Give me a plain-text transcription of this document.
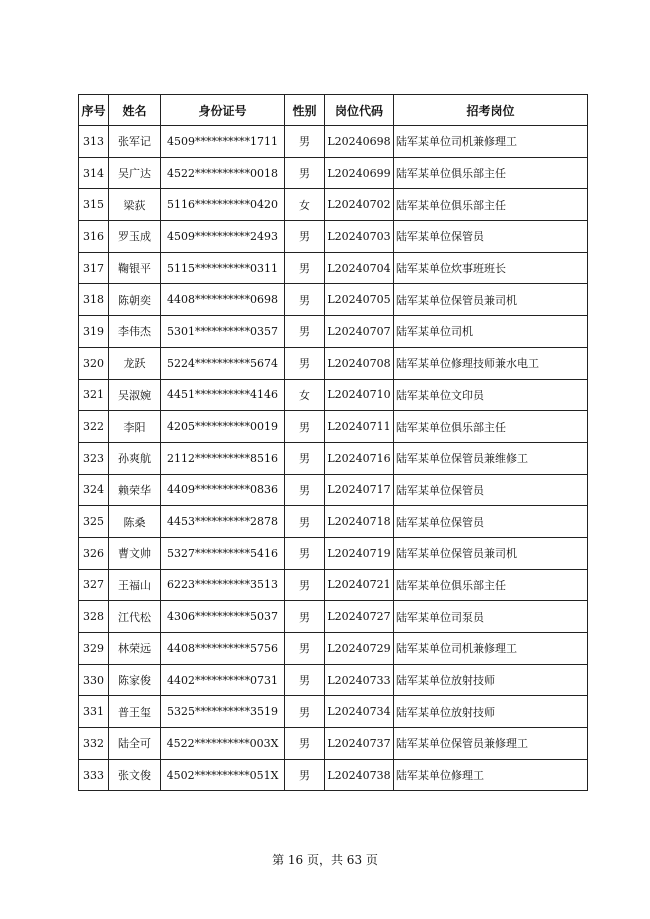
序号	姓名	身份证号	性别	岗位代码	招考岗位
313	张军记	4509**********1711	男	L20240698	陆军某单位司机兼修理工
314	吴广达	4522**********0018	男	L20240699	陆军某单位俱乐部主任
315	梁荻	5116**********0420	女	L20240702	陆军某单位俱乐部主任
316	罗玉成	4509**********2493	男	L20240703	陆军某单位保管员
317	鞠银平	5115**********0311	男	L20240704	陆军某单位炊事班班长
318	陈朝奕	4408**********0698	男	L20240705	陆军某单位保管员兼司机
319	李伟杰	5301**********0357	男	L20240707	陆军某单位司机
320	龙跃	5224**********5674	男	L20240708	陆军某单位修理技师兼水电工
321	吴淑婉	4451**********4146	女	L20240710	陆军某单位文印员
322	李阳	4205**********0019	男	L20240711	陆军某单位俱乐部主任
323	孙爽航	2112**********8516	男	L20240716	陆军某单位保管员兼维修工
324	赖荣华	4409**********0836	男	L20240717	陆军某单位保管员
325	陈桑	4453**********2878	男	L20240718	陆军某单位保管员
326	曹文帅	5327**********5416	男	L20240719	陆军某单位保管员兼司机
327	王福山	6223**********3513	男	L20240721	陆军某单位俱乐部主任
328	江代松	4306**********5037	男	L20240727	陆军某单位司泵员
329	林荣远	4408**********5756	男	L20240729	陆军某单位司机兼修理工
330	陈家俊	4402**********0731	男	L20240733	陆军某单位放射技师
331	普王玺	5325**********3519	男	L20240734	陆军某单位放射技师
332	陆全可	4522**********003X	男	L20240737	陆军某单位保管员兼修理工
333	张文俊	4502**********051X	男	L20240738	陆军某单位修理工
第 16 页，共 63 页
